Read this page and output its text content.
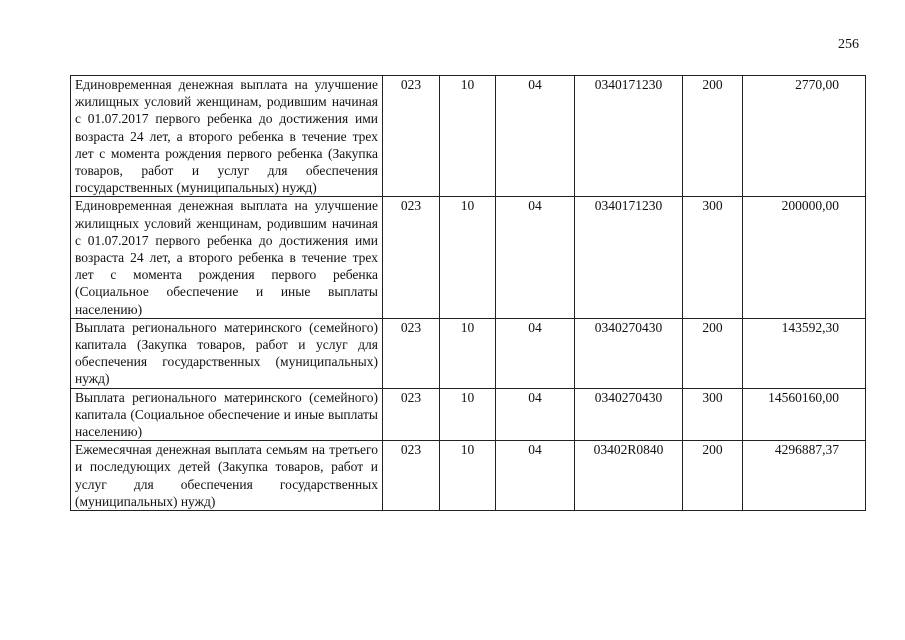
256
Единовременная денежная выплата на улучшение жилищных условий женщинам, родившим начиная с 01.07.2017 первого ребенка до достижения ими возраста 24 лет, а второго ребенка в течение трех лет с момента рождения первого ребенка (Закупка товаров, работ и услуг для обеспечения государственных (муниципальных) нужд)	023	10	04	0340171230	200	2770,00
Единовременная денежная выплата на улучшение жилищных условий женщинам, родившим начиная с 01.07.2017 первого ребенка до достижения ими возраста 24 лет, а второго ребенка в течение трех лет с момента рождения первого ребенка (Социальное обеспечение и иные выплаты населению)	023	10	04	0340171230	300	200000,00
Выплата регионального материнского (семейного) капитала (Закупка товаров, работ и услуг для обеспечения государственных (муниципальных) нужд)	023	10	04	0340270430	200	143592,30
Выплата регионального материнского (семейного) капитала (Социальное обеспечение и иные выплаты населению)	023	10	04	0340270430	300	14560160,00
Ежемесячная денежная выплата семьям на третьего и последующих детей (Закупка товаров, работ и услуг для обеспечения государственных (муниципальных) нужд)	023	10	04	03402R0840	200	4296887,37
